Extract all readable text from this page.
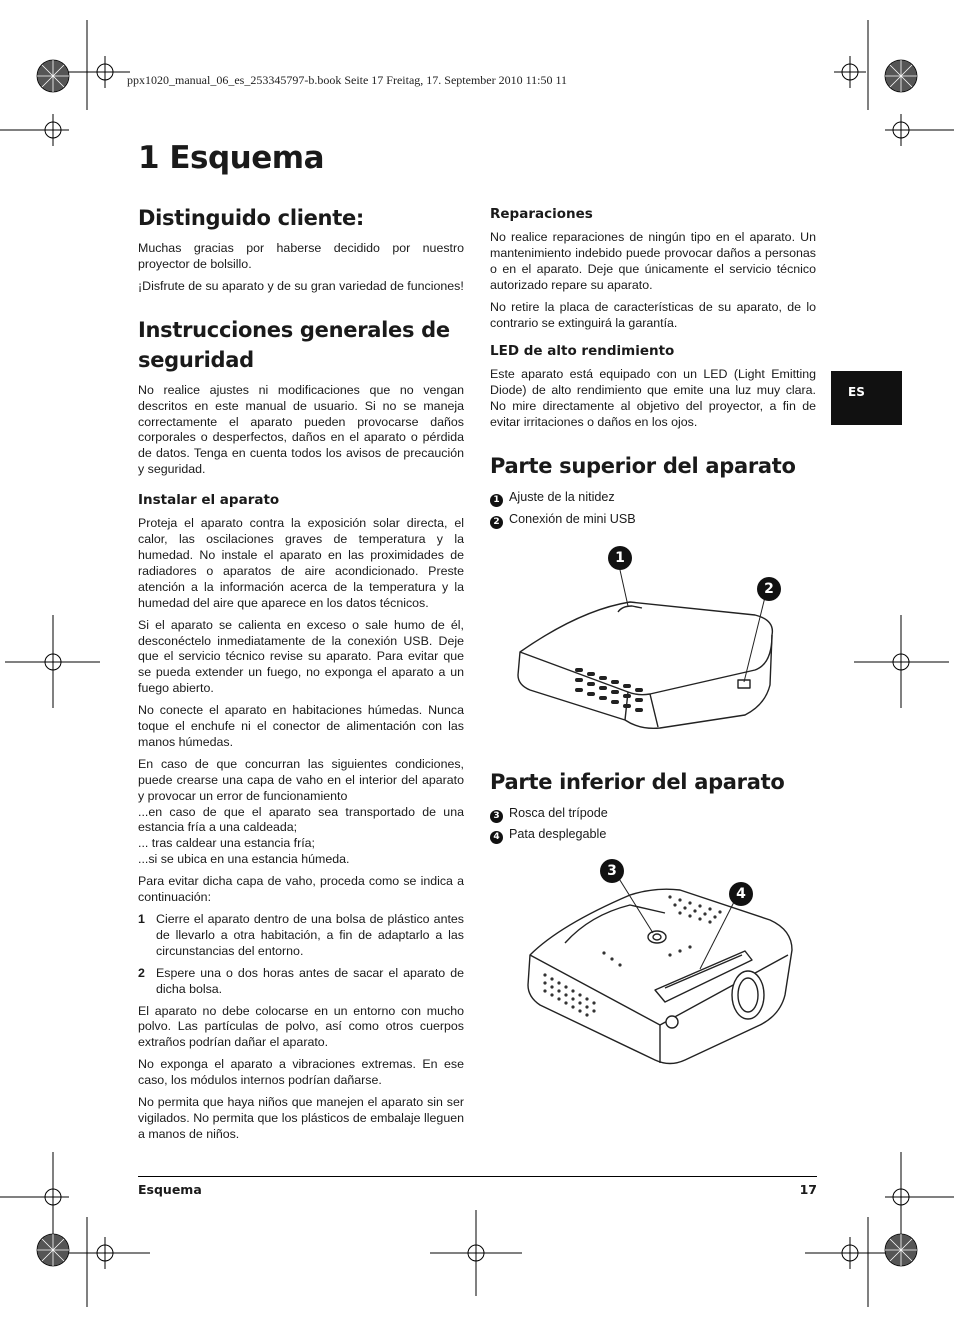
ppx1020_manual_06_es_253345797-b.book Seite 17 Freitag, 17. September 2010 11:50 11
1 Esquema
ES
Distinguido cliente:

Muchas gracias por haberse decidido por nuestro proyector de bolsillo.

¡Disfrute de su aparato y de su gran variedad de funciones!

Instrucciones generales de seguridad

No realice ajustes ni modificaciones que no vengan descritos en este manual de usuario. Si no se maneja correctamente el aparato pueden provocarse daños corporales o desperfectos, daños en el aparato o pérdida de datos. Tenga en cuenta todos los avisos de precaución y seguridad.

Instalar el aparato

Proteja el aparato contra la exposición solar directa, el calor, las oscilaciones graves de temperatura y la humedad. No instale el aparato en las proximidades de radiadores o aparatos de aire acondicionado. Preste atención a la información acerca de la temperatura y la humedad del aire que aparece en los datos técnicos.

Si el aparato se calienta en exceso o sale humo de él, desconéctelo inmediatamente de la conexión USB. Deje que el servicio técnico revise su aparato. Para evitar que se pueda extender un fuego, no exponga el aparato a un fuego abierto.

No conecte el aparato en habitaciones húmedas. Nunca toque el enchufe ni el conector de alimentación con las manos húmedas.

En caso de que concurran las siguientes condiciones, puede crearse una capa de vaho en el interior del aparato y provocar un error de funcionamiento

...en caso de que el aparato sea transportado de una estancia fría a una caldeada;

... tras caldear una estancia fría;

...si se ubica en una estancia húmeda.

Para evitar dicha capa de vaho, proceda como se indica a continuación:

1 Cierre el aparato dentro de una bolsa de plástico antes de llevarlo a otra habitación, a fin de adaptarlo a las circunstancias del entorno.
2 Espere una o dos horas antes de sacar el aparato de dicha bolsa.

El aparato no debe colocarse en un entorno con mucho polvo. Las partículas de polvo, así como otros cuerpos extraños podrían dañar el aparato.

No exponga el aparato a vibraciones extremas. En ese caso, los módulos internos podrían dañarse.

No permita que haya niños que manejen el aparato sin ser vigilados. No permita que los plásticos de embalaje lleguen a manos de niños.

Reparaciones

No realice reparaciones de ningún tipo en el aparato. Un mantenimiento indebido puede provocar daños a personas o en el aparato. Deje que únicamente el servicio técnico autorizado repare su aparato.

No retire la placa de características de su aparato, de lo contrario se extinguirá la garantía.

LED de alto rendimiento

Este aparato está equipado con un LED (Light Emitting Diode) de alto rendimiento que emite una luz muy clara. No mire directamente al objetivo del proyector, a fin de evitar irritaciones o daños en los ojos.

Parte superior del aparato
1 Ajuste de la nitidez
2 Conexión de mini USB
1
2
Parte inferior del aparato
3 Rosca del trípode
4 Pata desplegable
3
4
Esquema	17
